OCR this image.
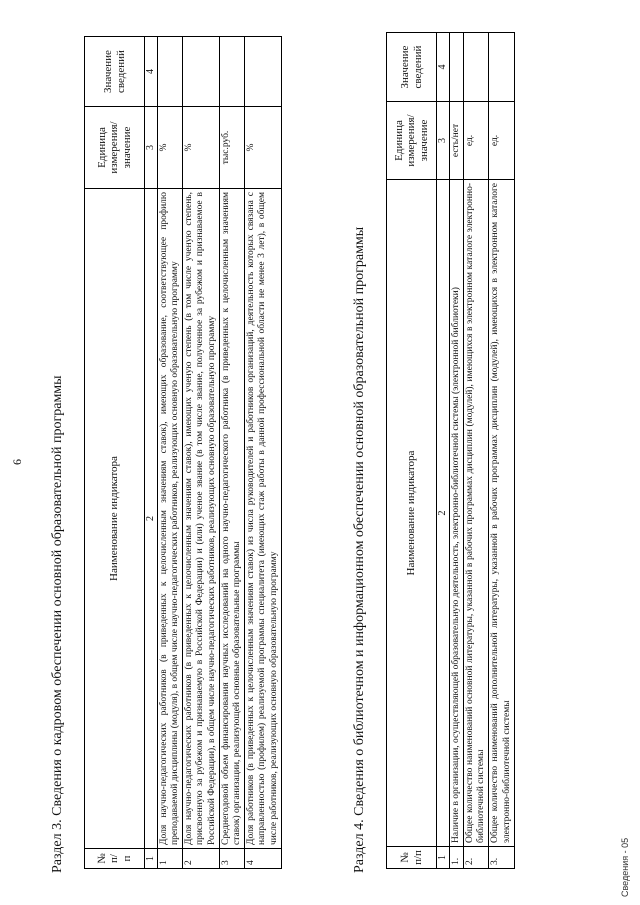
6 Раздел 3. Сведения о кадровом обеспечении основной образовательной программы	№ п/п	Наименование индикатора	Единица измерения/ значение	Значение сведений
1	2	3	4
1	Доля научно-педагогических работников (в приведенных к целочисленным значениям ставок), имеющих образование, соответствующее профилю преподаваемой дисциплины (модуля), в общем числе научно-педагогических работников, реализующих основную образовательную программу	%	
2	Доля научно-педагогических работников (в приведенных к целочисленным значениям ставок), имеющих ученую степень (в том числе ученую степень, присвоенную за рубежом и признаваемую в Российской Федерации) и (или) ученое звание (в том числе звание, полученное за рубежом и признаваемое в Российской Федерации), в общем числе научно-педагогических работников, реализующих основную образовательную программу	%	
3	Среднегодовой объем финансирования научных исследований на одного научно-педагогического работника (в приведенных к целочисленным значениям ставок) организации, реализующей основные образовательные программы	тыс.руб.	
4	Доля работников (в приведенных к целочисленным значениям ставок) из числа руководителей и работников организаций, деятельность которых связана с направленностью (профилем) реализуемой программы специалитета (имеющих стаж работы в данной профессиональной области не менее 3 лет), в общем числе работников, реализующих основную образовательную программу	%	
Раздел 4. Сведения о библиотечном и информационном обеспечении основной образовательной программы	№ п/п	Наименование индикатора	Единица измерения/ значение	Значение сведений
1	2	3	4
1.	Наличие в организации, осуществляющей образовательную деятельность, электронно-библиотечной системы (электронной библиотеки)	есть/нет	
2.	Общее количество наименований основной литературы, указанной в рабочих программах дисциплин (модулей), имеющихся в электронном каталоге электронно-библиотечной системы	ед.	
3.	Общее количество наименований дополнительной литературы, указанной в рабочих программах дисциплин (модулей), имеющихся в электронном каталоге электронно-библиотечной системы	ед.	
Сведения - 05
